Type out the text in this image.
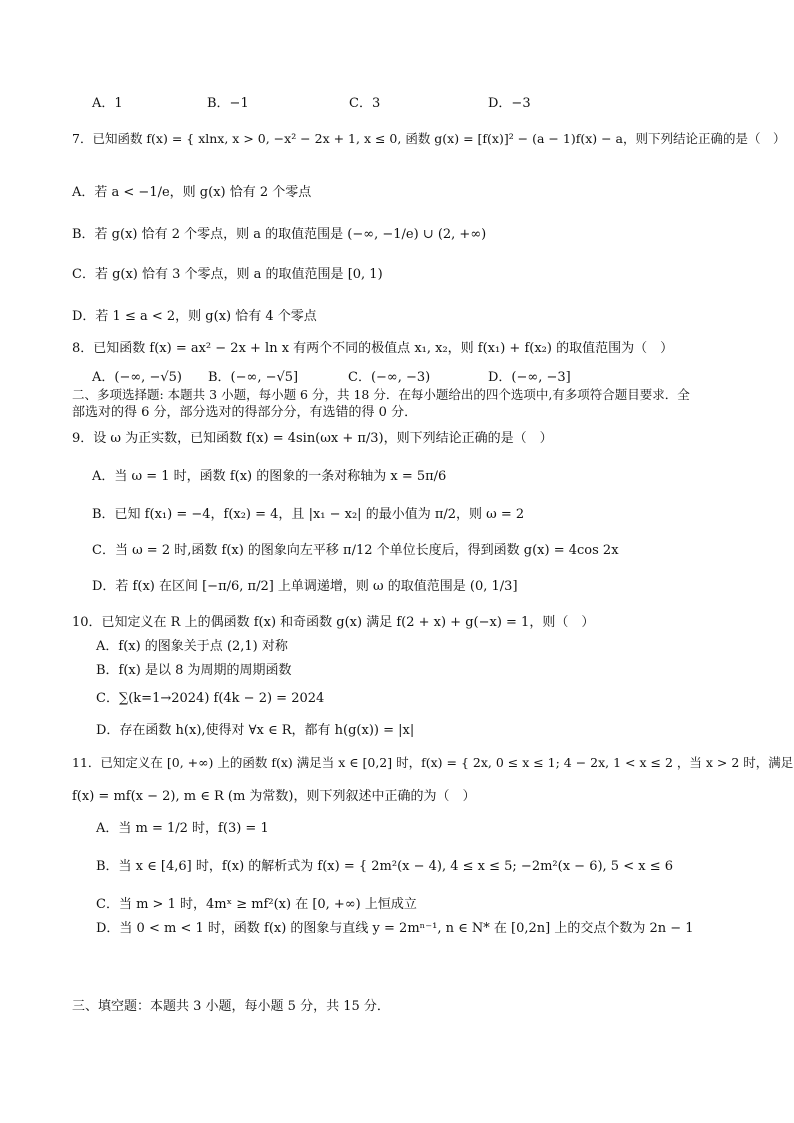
A．1	B．−1	C．3	D．−3
7．已知函数 f(x) = { xlnx, x > 0, −x² − 2x + 1, x ≤ 0, 函数 g(x) = [f(x)]² − (a − 1)f(x) − a，则下列结论正确的是（　）
A．若 a < −1/e，则 g(x) 恰有 2 个零点
B．若 g(x) 恰有 2 个零点，则 a 的取值范围是 (−∞, −1/e) ∪ (2, +∞)
C．若 g(x) 恰有 3 个零点，则 a 的取值范围是 [0, 1)
D．若 1 ≤ a < 2，则 g(x) 恰有 4 个零点
8．已知函数 f(x) = ax² − 2x + ln x 有两个不同的极值点 x₁, x₂，则 f(x₁) + f(x₂) 的取值范围为（　）
A．(−∞, −√5) B．(−∞, −√5]	C．(−∞, −3)	D．(−∞, −3]
二、多项选择题: 本题共 3 小题，每小题 6 分，共 18 分．在每小题给出的四个选项中,有多项符合题目要求．全
部选对的得 6 分，部分选对的得部分分，有选错的得 0 分．
9．设 ω 为正实数，已知函数 f(x) = 4sin(ωx + π/3)，则下列结论正确的是（　）
A．当 ω = 1 时，函数 f(x) 的图象的一条对称轴为 x = 5π/6
B．已知 f(x₁) = −4，f(x₂) = 4，且 |x₁ − x₂| 的最小值为 π/2，则 ω = 2
C．当 ω = 2 时,函数 f(x) 的图象向左平移 π/12 个单位长度后，得到函数 g(x) = 4cos 2x
D．若 f(x) 在区间 [−π/6, π/2] 上单调递增，则 ω 的取值范围是 (0, 1/3]
10．已知定义在 R 上的偶函数 f(x) 和奇函数 g(x) 满足 f(2 + x) + g(−x) = 1，则（　）
A．f(x) 的图象关于点 (2,1) 对称
B．f(x) 是以 8 为周期的周期函数
C．∑(k=1→2024) f(4k − 2) = 2024
D．存在函数 h(x),使得对 ∀x ∈ R，都有 h(g(x)) = |x|
11．已知定义在 [0, +∞) 上的函数 f(x) 满足当 x ∈ [0,2] 时，f(x) = { 2x, 0 ≤ x ≤ 1; 4 − 2x, 1 < x ≤ 2 ，当 x > 2 时，满足
f(x) = mf(x − 2), m ∈ R (m 为常数)，则下列叙述中正确的为（　）
A．当 m = 1/2 时，f(3) = 1
B．当 x ∈ [4,6] 时，f(x) 的解析式为 f(x) = { 2m²(x − 4), 4 ≤ x ≤ 5; −2m²(x − 6), 5 < x ≤ 6
C．当 m > 1 时，4mˣ ≥ mf²(x) 在 [0, +∞) 上恒成立
D．当 0 < m < 1 时，函数 f(x) 的图象与直线 y = 2mⁿ⁻¹, n ∈ N* 在 [0,2n] 上的交点个数为 2n − 1
三、填空题：本题共 3 小题，每小题 5 分，共 15 分．
